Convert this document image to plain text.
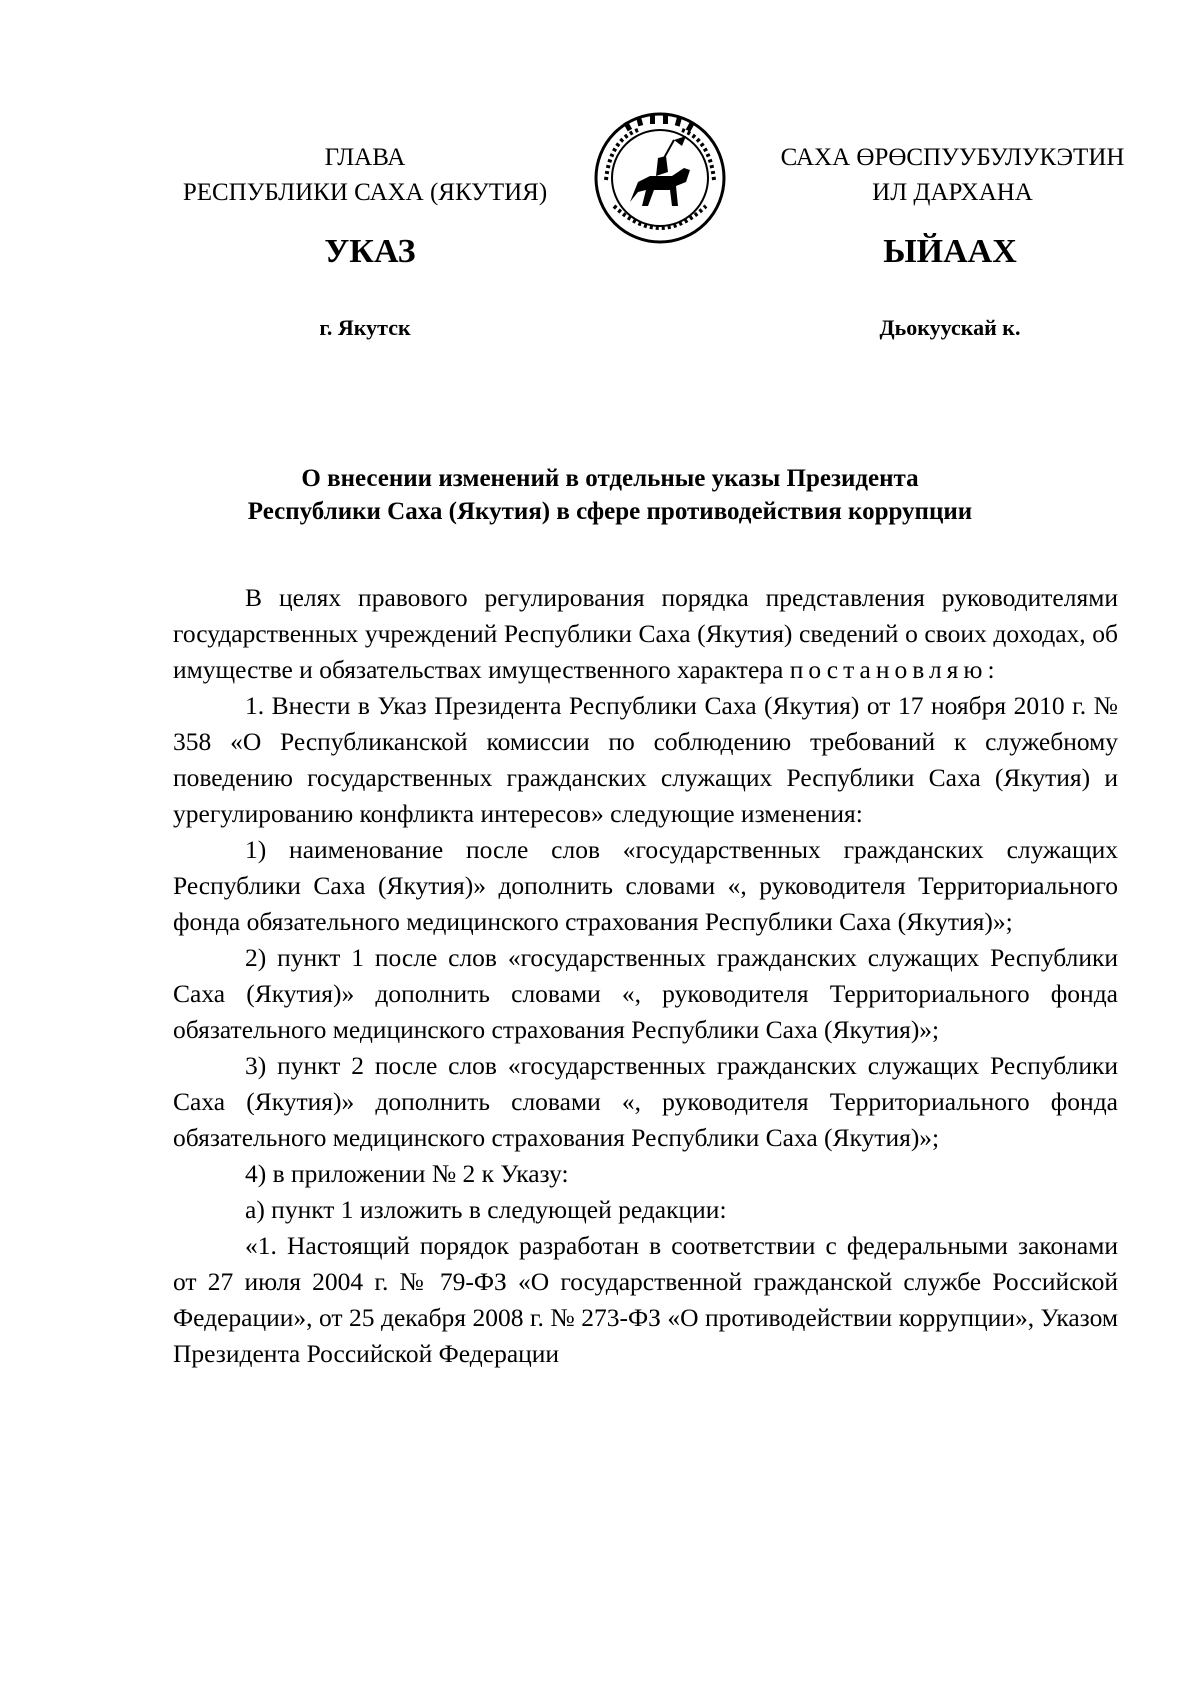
ГЛАВА
РЕСПУБЛИКИ САХА (ЯКУТИЯ)
САХА ӨРӨСПУУБУЛУКЭТИН
ИЛ ДАРХАНА
УКАЗ	ЫЙААХ
г. Якутск	Дьокуускай к.
О внесении изменений в отдельные указы Президента
Республики Саха (Якутия) в сфере противодействия коррупции

В целях правового регулирования порядка представления руководителями государственных учреждений Республики Саха (Якутия) сведений о своих доходах, об имуществе и обязательствах имущественного характера постановляю:

1. Внести в Указ Президента Республики Саха (Якутия) от 17 ноября 2010 г. № 358 «О Республиканской комиссии по соблюдению требований к служебному поведению государственных гражданских служащих Республики Саха (Якутия) и урегулированию конфликта интересов» следующие изменения:

1) наименование после слов «государственных гражданских служащих Республики Саха (Якутия)» дополнить словами «, руководителя Территориального фонда обязательного медицинского страхования Республики Саха (Якутия)»;

2) пункт 1 после слов «государственных гражданских служащих Республики Саха (Якутия)» дополнить словами «, руководителя Территориального фонда обязательного медицинского страхования Республики Саха (Якутия)»;

3) пункт 2 после слов «государственных гражданских служащих Республики Саха (Якутия)» дополнить словами «, руководителя Территориального фонда обязательного медицинского страхования Республики Саха (Якутия)»;

4) в приложении № 2 к Указу:

а) пункт 1 изложить в следующей редакции:

«1. Настоящий порядок разработан в соответствии с федеральными законами от 27 июля 2004 г. № 79-ФЗ «О государственной гражданской службе Российской Федерации», от 25 декабря 2008 г. № 273-ФЗ «О противодействии коррупции», Указом Президента Российской Федерации
